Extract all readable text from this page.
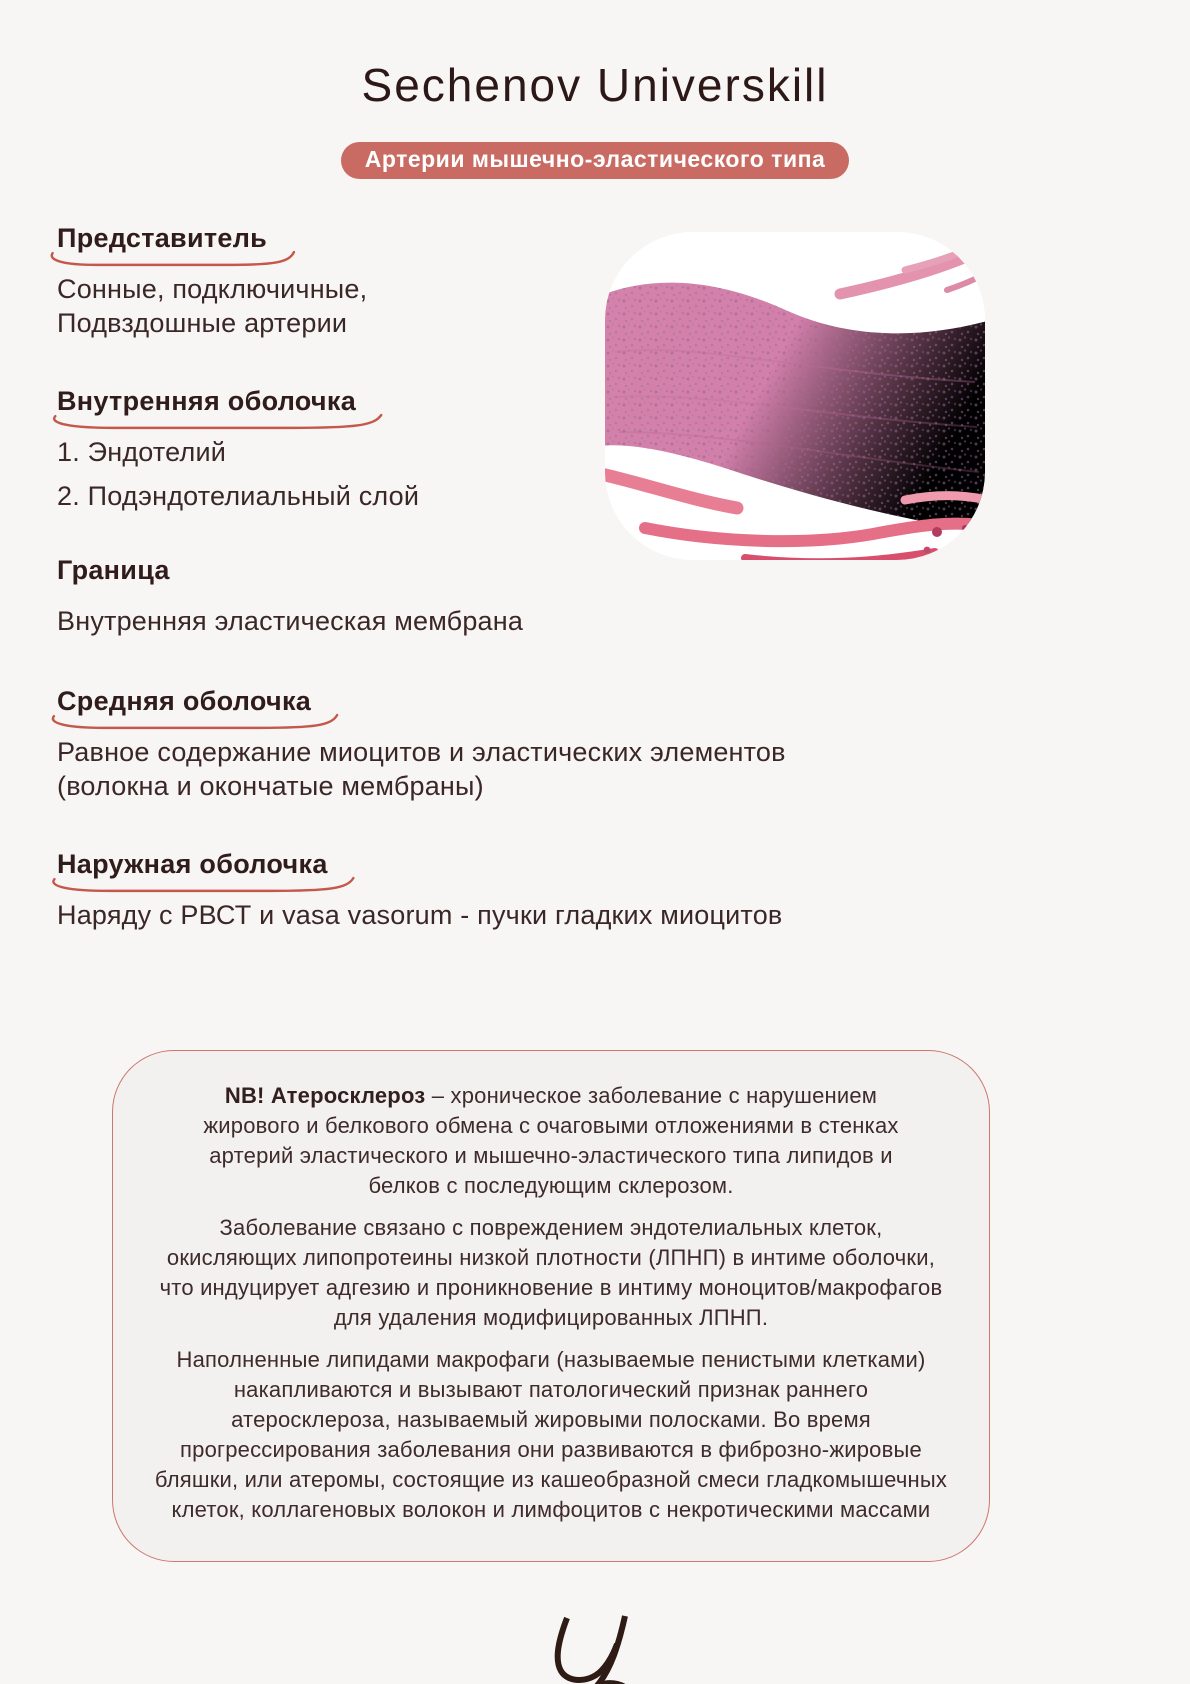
Sechenov Universkill
Артерии мышечно-эластического типа
Представитель
Сонные, подключичные,
Подвздошные артерии
Внутренняя оболочка
1. Эндотелий
2. Подэндотелиальный слой
Граница
Внутренняя эластическая мембрана
Средняя оболочка
Равное содержание миоцитов и эластических элементов
(волокна и окончатые мембраны)
Наружная оболочка
Наряду с РВСТ и vasa vasorum - пучки гладких миоцитов

NB! Атеросклероз – хроническое заболевание с нарушением жирового и белкового обмена с очаговыми отложениями в стенках артерий эластического и мышечно-эластического типа липидов и белков с последующим склерозом.

Заболевание связано с повреждением эндотелиальных клеток, окисляющих липопротеины низкой плотности (ЛПНП) в интиме оболочки, что индуцирует адгезию и проникновение в интиму моноцитов/макрофагов для удаления модифицированных ЛПНП.

Наполненные липидами макрофаги (называемые пенистыми клетками) накапливаются и вызывают патологический признак раннего атеросклероза, называемый жировыми полосками. Во время прогрессирования заболевания они развиваются в фиброзно-жировые бляшки, или атеромы, состоящие из кашеобразной смеси гладкомышечных клеток, коллагеновых волокон и лимфоцитов с некротическими массами
